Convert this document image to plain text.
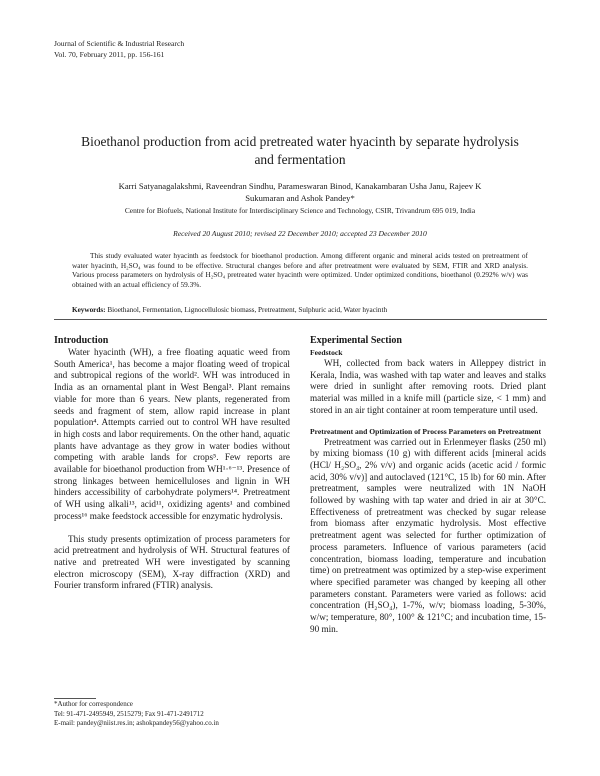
Journal of Scientific & Industrial Research
Vol. 70, February 2011, pp. 156-161
Bioethanol production from acid pretreated water hyacinth by separate hydrolysis and fermentation
Karri Satyanagalakshmi, Raveendran Sindhu, Parameswaran Binod, Kanakambaran Usha Janu, Rajeev K Sukumaran and Ashok Pandey*
Centre for Biofuels, National Institute for Interdisciplinary Science and Technology, CSIR, Trivandrum 695 019, India
Received 20 August 2010; revised 22 December 2010; accepted 23 December 2010

This study evaluated water hyacinth as feedstock for bioethanol production. Among different organic and mineral acids tested on pretreatment of water hyacinth, H₂SO₄ was found to be effective. Structural changes before and after pretreatment were evaluated by SEM, FTIR and XRD analysis. Various process parameters on hydrolysis of H₂SO₄ pretreated water hyacinth were optimized. Under optimized conditions, bioethanol (0.292% w/v) was obtained with an actual efficiency of 59.3%.

Keywords: Bioethanol, Fermentation, Lignocellulosic biomass, Pretreatment, Sulphuric acid, Water hyacinth
Introduction

Water hyacinth (WH), a free floating aquatic weed from South America¹, has become a major floating weed of tropical and subtropical regions of the world². WH was introduced in India as an ornamental plant in West Bengal³. Plant remains viable for more than 6 years. New plants, regenerated from seeds and fragment of stem, allow rapid increase in plant population⁴. Attempts carried out to control WH have resulted in high costs and labor requirements. On the other hand, aquatic plants have advantage as they grow in water bodies without competing with arable lands for crops⁵. Few reports are available for bioethanol production from WH¹·⁶⁻¹³. Presence of strong linkages between hemicelluloses and lignin in WH hinders accessibility of carbohydrate polymers¹⁴. Pretreatment of WH using alkali¹³, acid¹¹, oxidizing agents¹ and combined process¹⁶ make feedstock accessible for enzymatic hydrolysis.

This study presents optimization of process parameters for acid pretreatment and hydrolysis of WH. Structural features of native and pretreated WH were investigated by scanning electron microscopy (SEM), X-ray diffraction (XRD) and Fourier transform infrared (FTIR) analysis.

*Author for correspondence
Tel: 91-471-2495949, 2515279; Fax 91-471-2491712
E-mail: pandey@niist.res.in; ashokpandey56@yahoo.co.in
Experimental Section
Feedstock

WH, collected from back waters in Alleppey district in Kerala, India, was washed with tap water and leaves and stalks were dried in sunlight after removing roots. Dried plant material was milled in a knife mill (particle size, < 1 mm) and stored in an air tight container at room temperature until used.

Pretreatment and Optimization of Process Parameters on Pretreatment

Pretreatment was carried out in Erlenmeyer flasks (250 ml) by mixing biomass (10 g) with different acids [mineral acids (HCl/ H₂SO₄, 2% v/v) and organic acids (acetic acid / formic acid, 30% v/v)] and autoclaved (121°C, 15 lb) for 60 min. After pretreatment, samples were neutralized with 1N NaOH followed by washing with tap water and dried in air at 30°C. Effectiveness of pretreatment was checked by sugar release from biomass after enzymatic hydrolysis. Most effective pretreatment agent was selected for further optimization of process parameters. Influence of various parameters (acid concentration, biomass loading, temperature and incubation time) on pretreatment was optimized by a step-wise experiment where specified parameter was changed by keeping all other parameters constant. Parameters were varied as follows: acid concentration (H₂SO₄), 1-7%, w/v; biomass loading, 5-30%, w/w; temperature, 80°, 100° & 121°C; and incubation time, 15-90 min.
